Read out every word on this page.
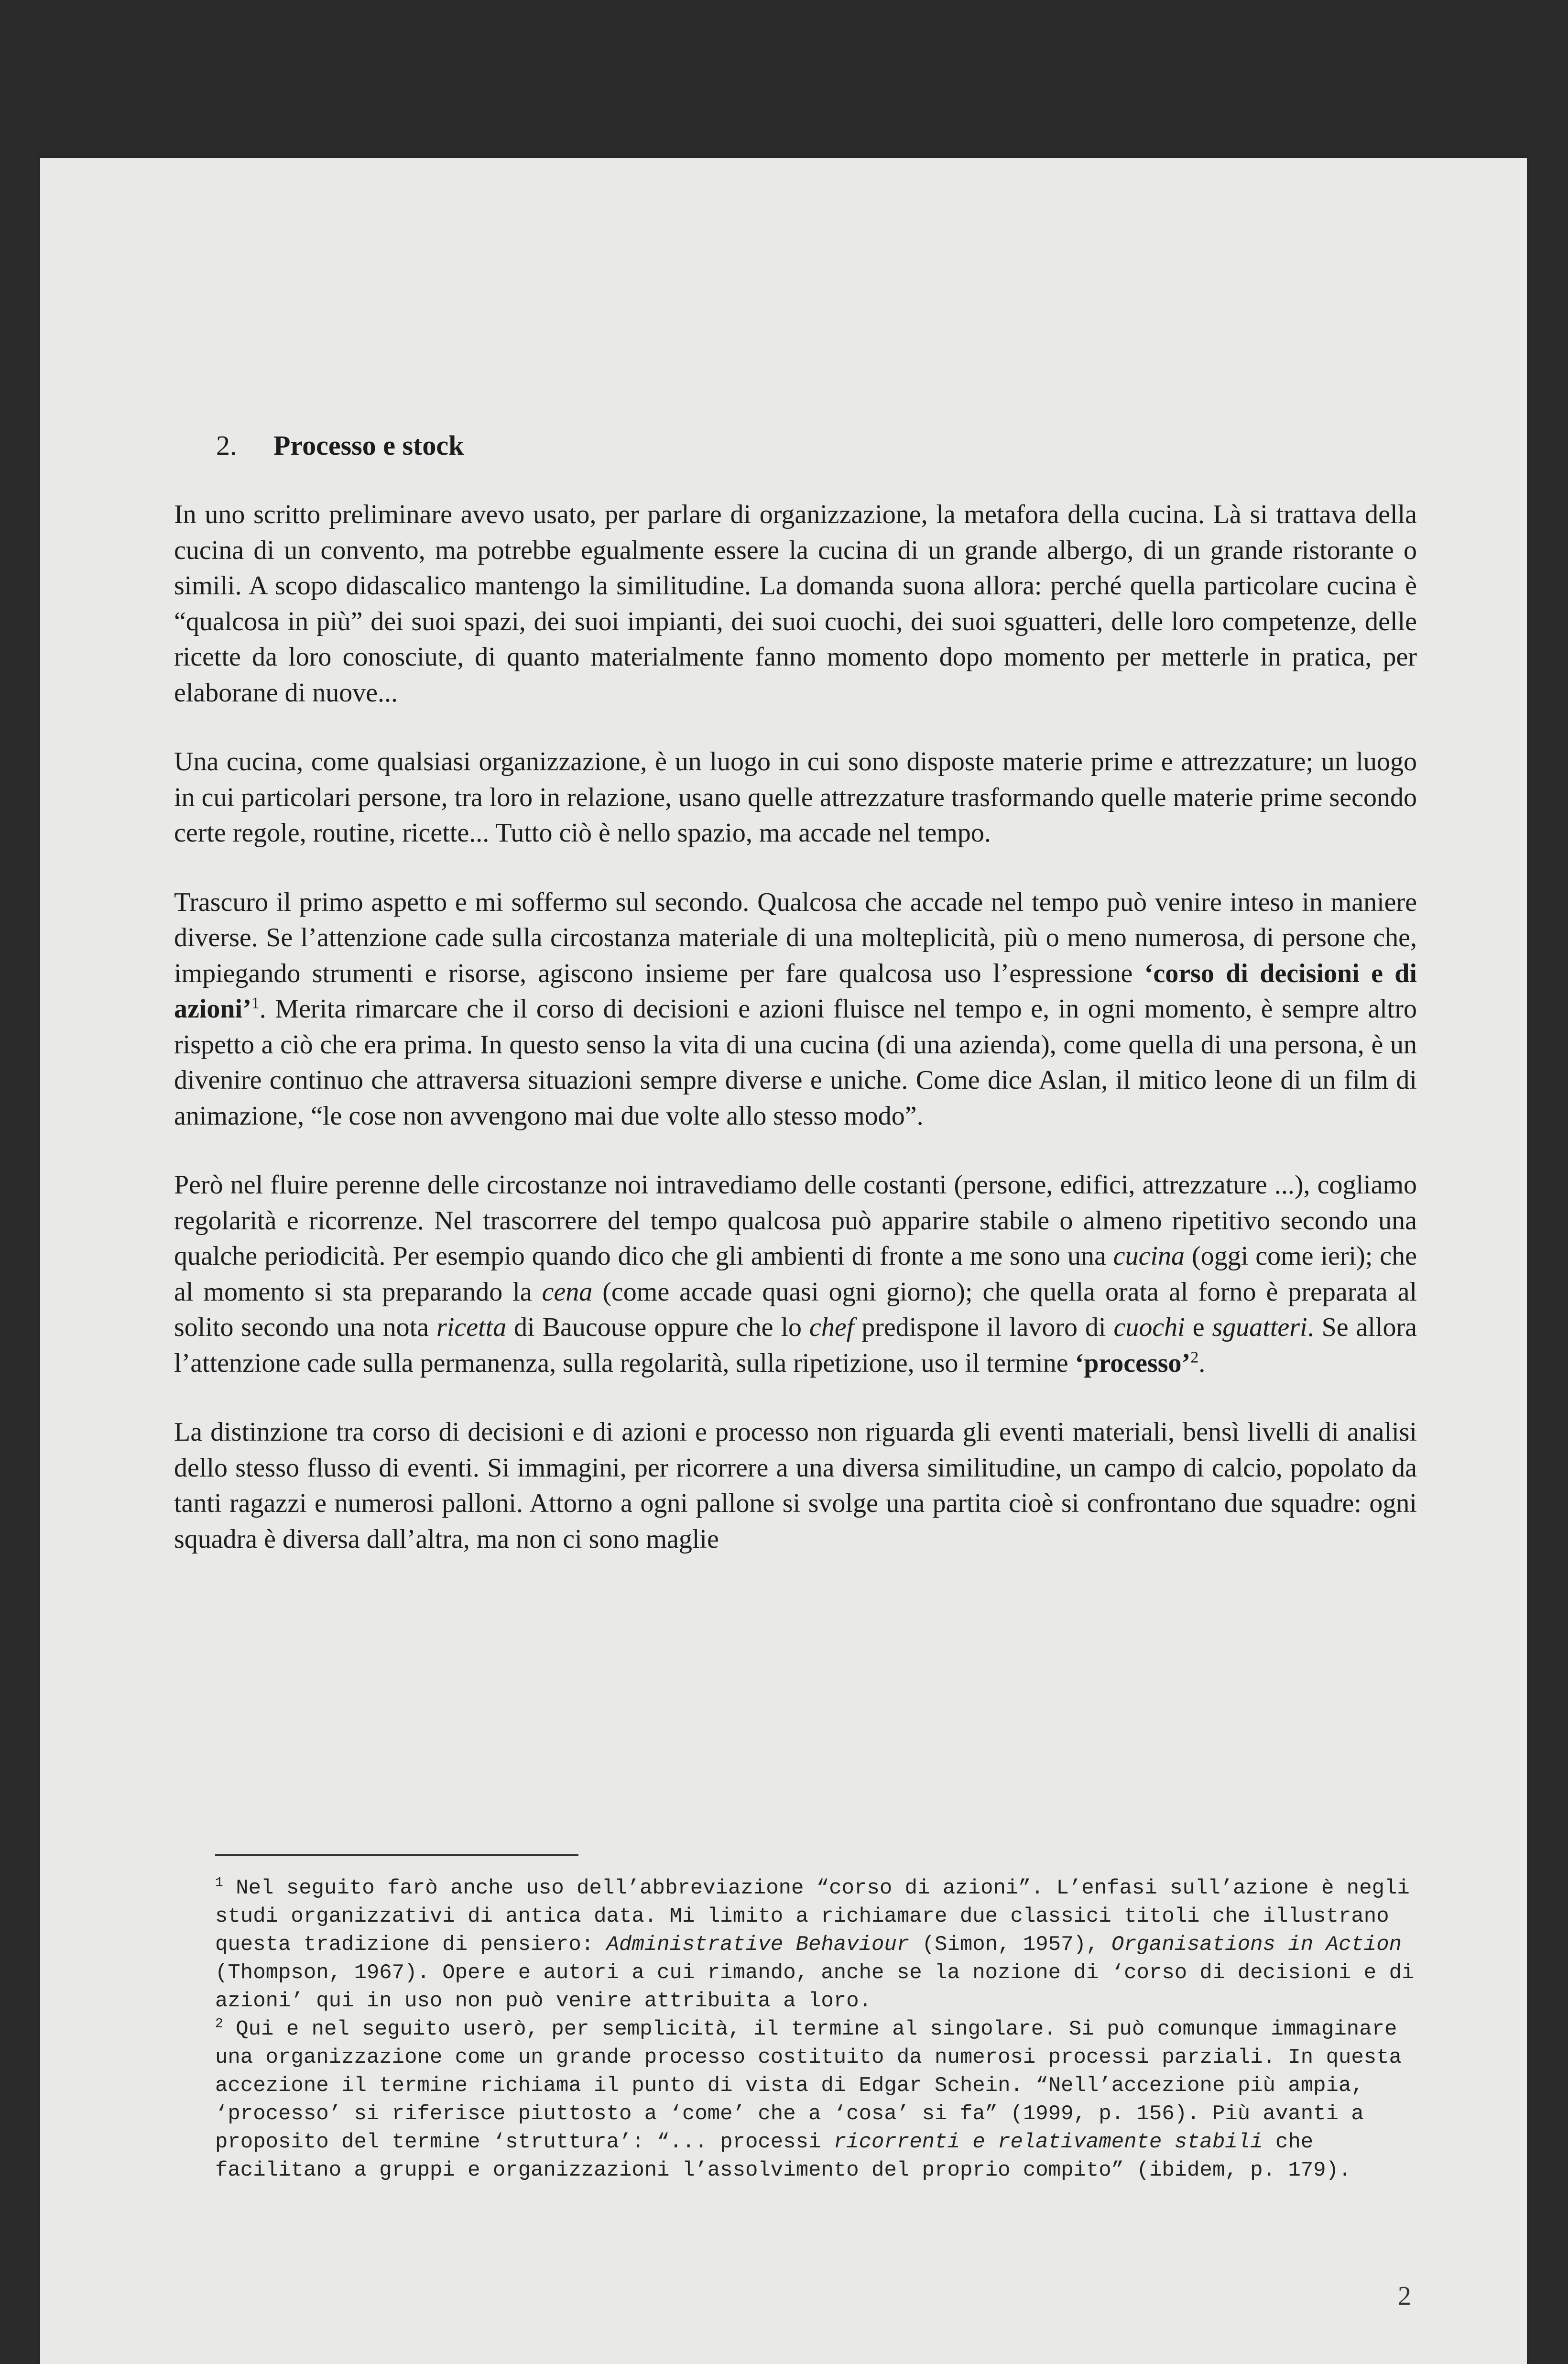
2. Processo e stock

In uno scritto preliminare avevo usato, per parlare di organizzazione, la metafora della cucina. Là si trattava della cucina di un convento, ma potrebbe egualmente essere la cucina di un grande albergo, di un grande ristorante o simili. A scopo didascalico mantengo la similitudine. La domanda suona allora: perché quella particolare cucina è “qualcosa in più” dei suoi spazi, dei suoi impianti, dei suoi cuochi, dei suoi sguatteri, delle loro competenze, delle ricette da loro conosciute, di quanto materialmente fanno momento dopo momento per metterle in pratica, per elaborane di nuove...

Una cucina, come qualsiasi organizzazione, è un luogo in cui sono disposte materie prime e attrezzature; un luogo in cui particolari persone, tra loro in relazione, usano quelle attrezzature trasformando quelle materie prime secondo certe regole, routine, ricette... Tutto ciò è nello spazio, ma accade nel tempo.

Trascuro il primo aspetto e mi soffermo sul secondo. Qualcosa che accade nel tempo può venire inteso in maniere diverse. Se l’attenzione cade sulla circostanza materiale di una molteplicità, più o meno numerosa, di persone che, impiegando strumenti e risorse, agiscono insieme per fare qualcosa uso l’espressione ‘corso di decisioni e di azioni’$^1$. Merita rimarcare che il corso di decisioni e azioni fluisce nel tempo e, in ogni momento, è sempre altro rispetto a ciò che era prima. In questo senso la vita di una cucina (di una azienda), come quella di una persona, è un divenire continuo che attraversa situazioni sempre diverse e uniche. Come dice Aslan, il mitico leone di un film di animazione, “le cose non avvengono mai due volte allo stesso modo”.

Però nel fluire perenne delle circostanze noi intravediamo delle costanti (persone, edifici, attrezzature ...), cogliamo regolarità e ricorrenze. Nel trascorrere del tempo qualcosa può apparire stabile o almeno ripetitivo secondo una qualche periodicità. Per esempio quando dico che gli ambienti di fronte a me sono una cucina (oggi come ieri); che al momento si sta preparando la cena (come accade quasi ogni giorno); che quella orata al forno è preparata al solito secondo una nota ricetta di Baucouse oppure che lo chef predispone il lavoro di cuochi e sguatteri. Se allora l’attenzione cade sulla permanenza, sulla regolarità, sulla ripetizione, uso il termine ‘processo’$^2$.

La distinzione tra corso di decisioni e di azioni e processo non riguarda gli eventi materiali, bensì livelli di analisi dello stesso flusso di eventi. Si immagini, per ricorrere a una diversa similitudine, un campo di calcio, popolato da tanti ragazzi e numerosi palloni. Attorno a ogni pallone si svolge una partita cioè si confrontano due squadre: ogni squadra è diversa dall’altra, ma non ci sono maglie

$^1$ Nel seguito farò anche uso dell’abbreviazione “corso di azioni”. L’enfasi sull’azione è negli studi organizzativi di antica data. Mi limito a richiamare due classici titoli che illustrano questa tradizione di pensiero: Administrative Behaviour (Simon, 1957), Organisations in Action (Thompson, 1967). Opere e autori a cui rimando, anche se la nozione di ‘corso di decisioni e di azioni’ qui in uso non può venire attribuita a loro.

$^2$ Qui e nel seguito userò, per semplicità, il termine al singolare. Si può comunque immaginare una organizzazione come un grande processo costituito da numerosi processi parziali. In questa accezione il termine richiama il punto di vista di Edgar Schein. “Nell’accezione più ampia, ‘processo’ si riferisce piuttosto a ‘come’ che a ‘cosa’ si fa” (1999, p. 156). Più avanti a proposito del termine ‘struttura’: “... processi ricorrenti e relativamente stabili che facilitano a gruppi e organizzazioni l’assolvimento del proprio compito” (ibidem, p. 179).

2
